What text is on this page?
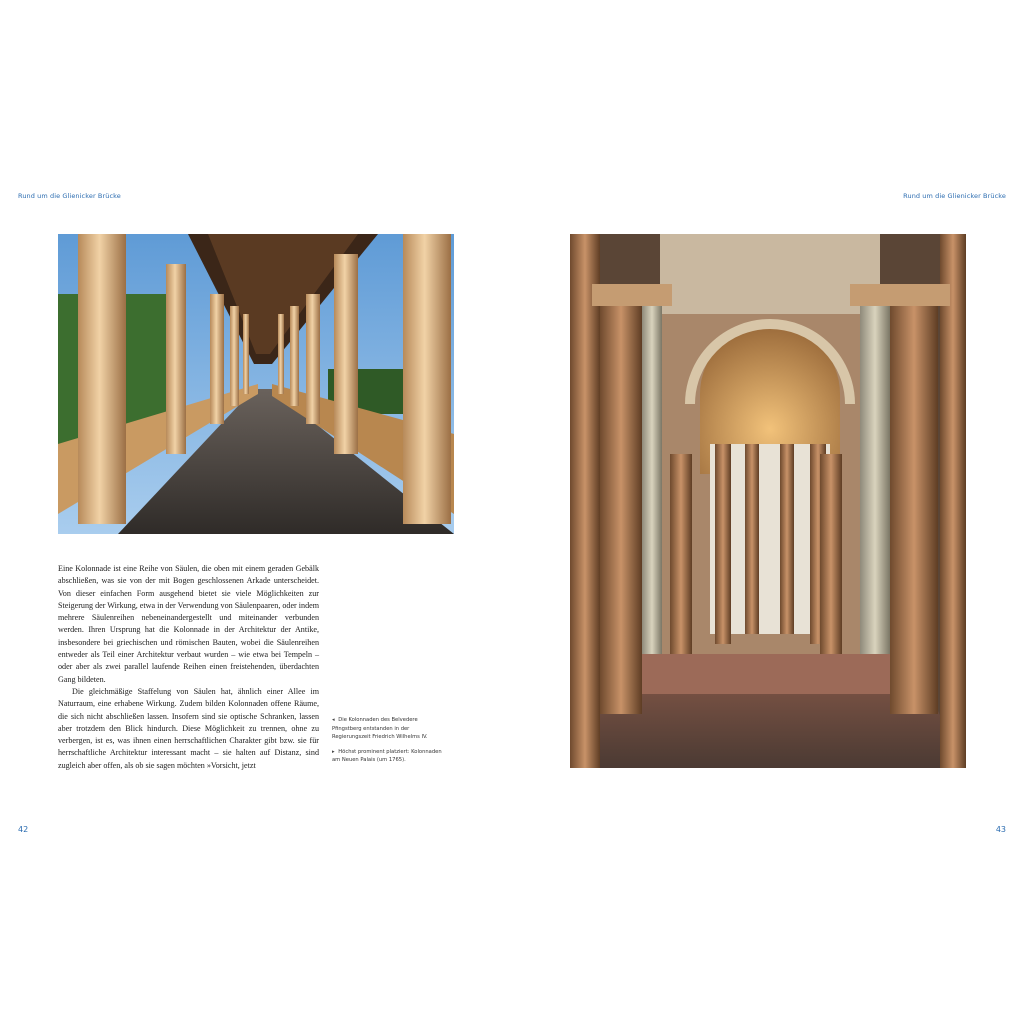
Rund um die Glienicker Brücke	Rund um die Glienicker Brücke

Eine Kolonnade ist eine Reihe von Säulen, die oben mit einem geraden Gebälk abschließen, was sie von der mit Bogen geschlossenen Arkade unterscheidet. Von dieser einfachen Form ausgehend bietet sie viele Möglichkeiten zur Steigerung der Wirkung, etwa in der Verwendung von Säulenpaaren, oder indem mehrere Säulenreihen nebeneinandergestellt und miteinander verbunden werden. Ihren Ursprung hat die Kolonnade in der Architektur der Antike, insbesondere bei griechischen und römischen Bauten, wobei die Säulenreihen entweder als Teil einer Architektur verbaut wurden – wie etwa bei Tempeln – oder aber als zwei parallel laufende Reihen einen freistehenden, überdachten Gang bildeten.

Die gleichmäßige Staffelung von Säulen hat, ähnlich einer Allee im Naturraum, eine erhabene Wirkung. Zudem bilden Kolonnaden offene Räume, die sich nicht abschließen lassen. Insofern sind sie optische Schranken, lassen aber trotzdem den Blick hindurch. Diese Möglichkeit zu trennen, ohne zu verbergen, ist es, was ihnen einen herrschaftlichen Charakter gibt bzw. sie für herrschaftliche Architektur interessant macht – sie halten auf Distanz, sind zugleich aber offen, als ob sie sagen möchten »Vorsicht, jetzt

◂ Die Kolonnaden des Belvedere Pfingstberg entstanden in der Regierungszeit Friedrich Wilhelms IV.
▸ Höchst prominent platziert: Kolonnaden am Neuen Palais (um 1765).
42	43
